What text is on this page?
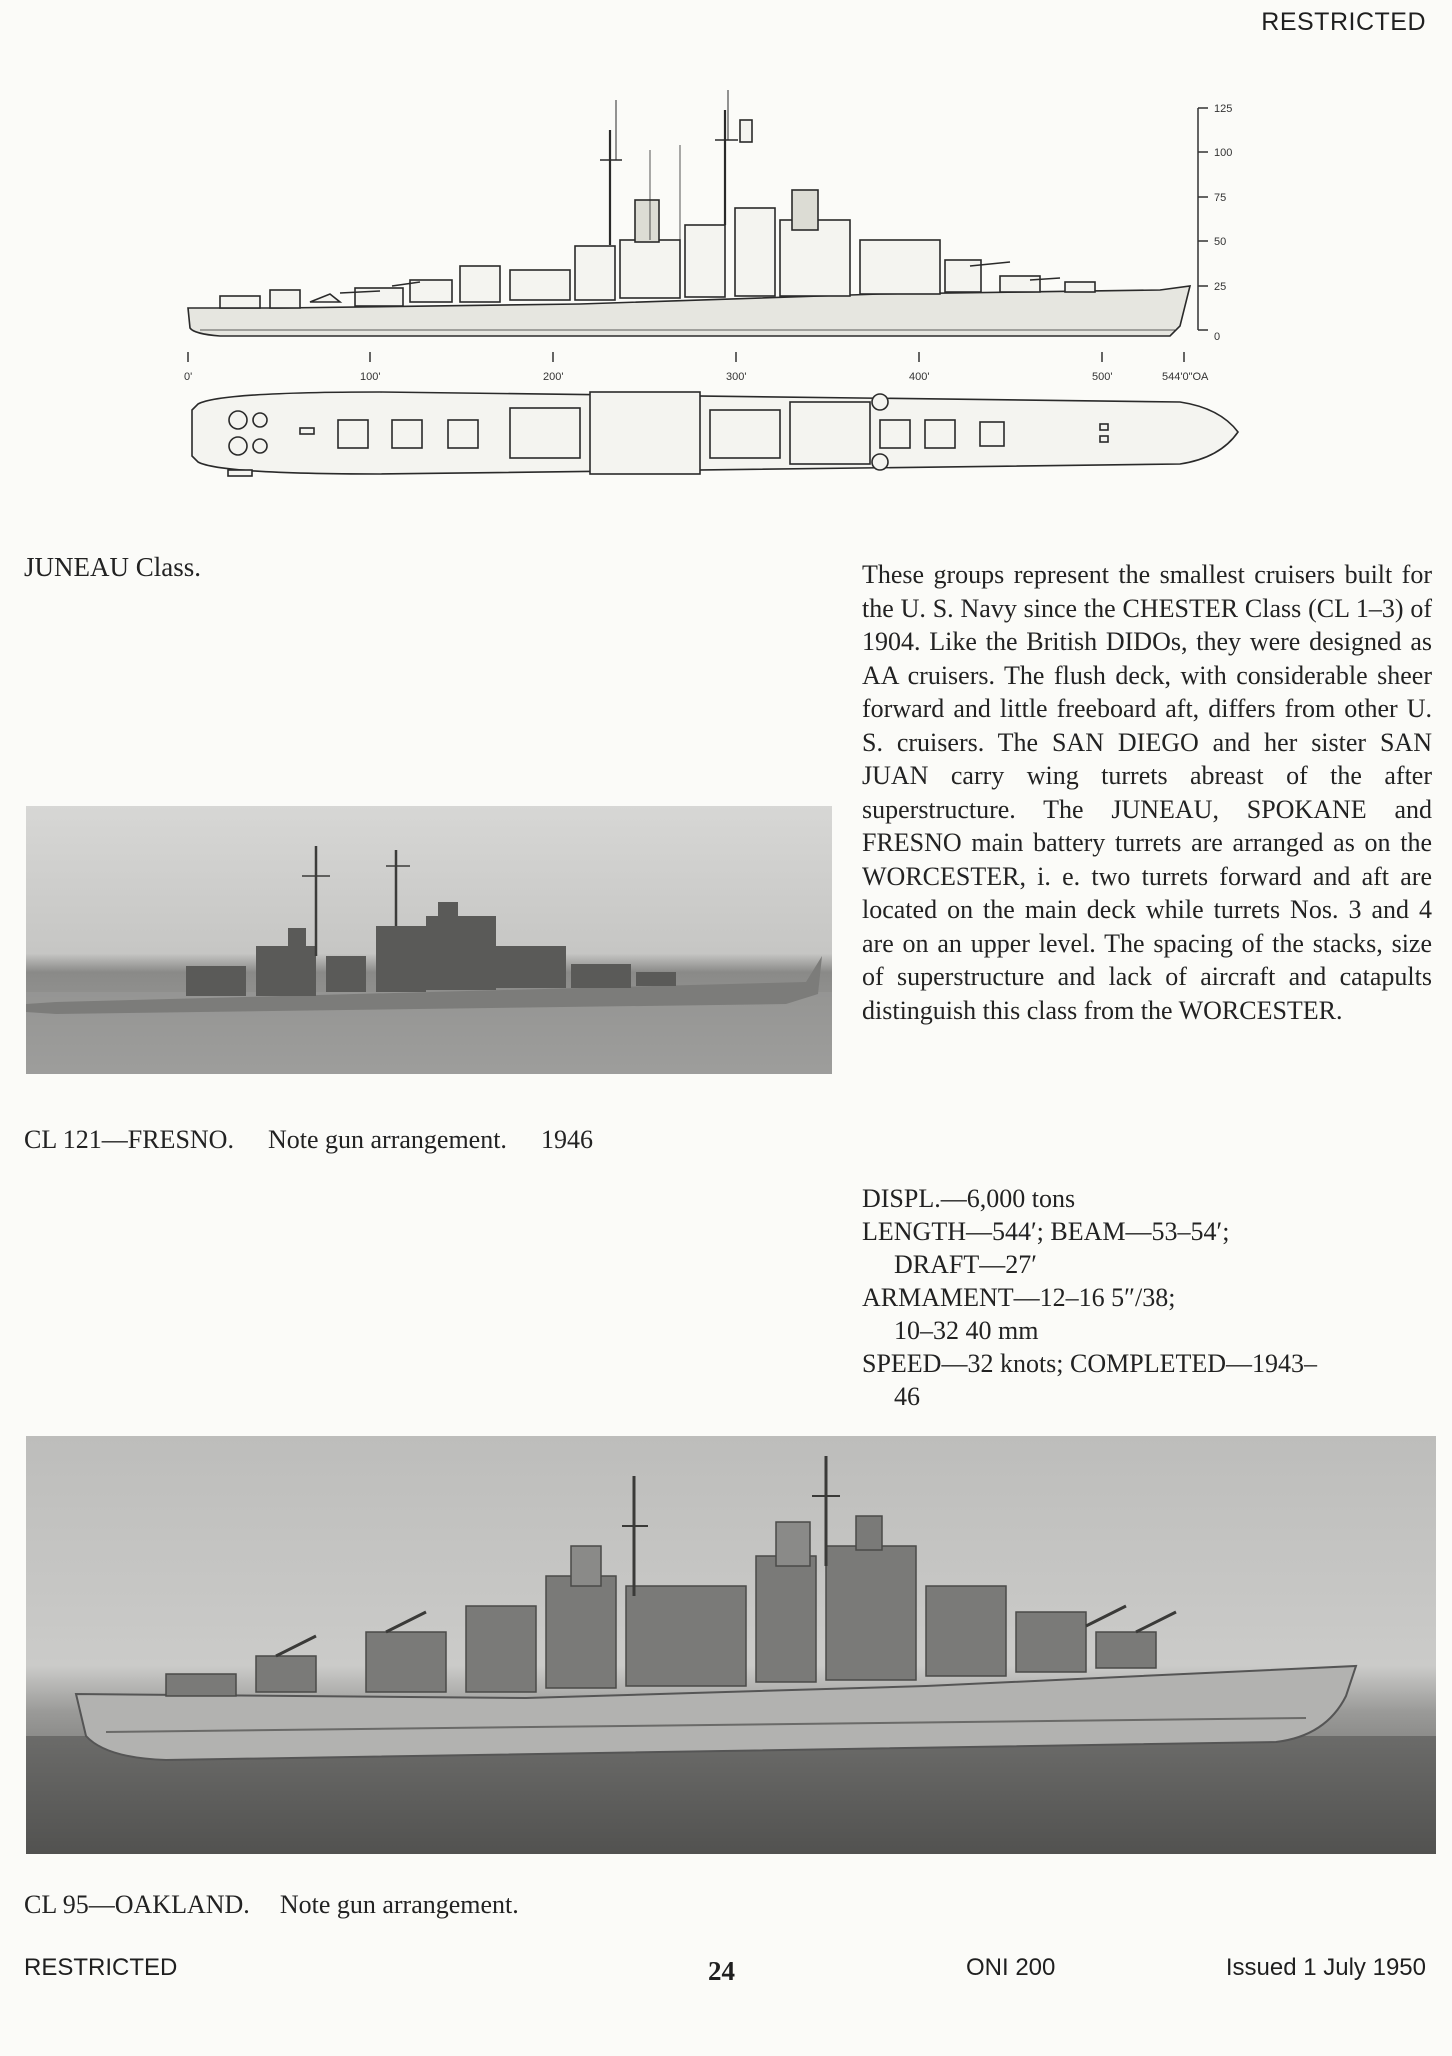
RESTRICTED
125
100
75
50
25
0
0'	100'	200'	300'	400'	500'	544'0"OA
JUNEAU Class.	These groups represent the smallest cruisers built for the U. S. Navy since the CHESTER Class (CL 1–3) of 1904. Like the British DIDOs, they were designed as AA cruisers. The flush deck, with considerable sheer forward and little freeboard aft, differs from other U. S. cruisers. The SAN DIEGO and her sister SAN JUAN carry wing turrets abreast of the after superstructure. The JUNEAU, SPOKANE and FRESNO main battery turrets are arranged as on the WORCESTER, i. e. two turrets forward and aft are located on the main deck while turrets Nos. 3 and 4 are on an upper level. The spacing of the stacks, size of superstructure and lack of aircraft and catapults distinguish this class from the WORCESTER.

DISPL.—6,000 tons
LENGTH—544′; BEAM—53–54′;
DRAFT—27′
ARMAMENT—12–16 5″/38;
10–32 40 mm
SPEED—32 knots; COMPLETED—1943–
46
CL 121—FRESNO. Note gun arrangement. 1946
CL 95—OAKLAND. Note gun arrangement.
RESTRICTED	24	ONI 200	Issued 1 July 1950
